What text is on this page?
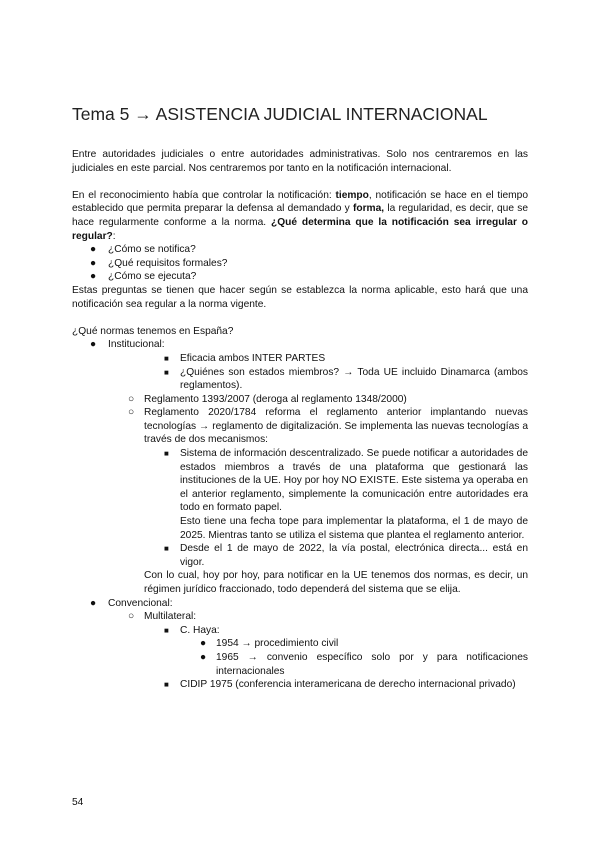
Tema 5 → ASISTENCIA JUDICIAL INTERNACIONAL

Entre autoridades judiciales o entre autoridades administrativas. Solo nos centraremos en las judiciales en este parcial. Nos centraremos por tanto en la notificación internacional.

En el reconocimiento había que controlar la notificación: tiempo, notificación se hace en el tiempo establecido que permita preparar la defensa al demandado y forma, la regularidad, es decir, que se hace regularmente conforme a la norma. ¿Qué determina que la notificación sea irregular o regular?:

● ¿Cómo se notifica?
● ¿Qué requisitos formales?
● ¿Cómo se ejecuta?

Estas preguntas se tienen que hacer según se establezca la norma aplicable, esto hará que una notificación sea regular a la norma vigente.

¿Qué normas tenemos en España?

● Institucional:
■ Eficacia ambos INTER PARTES
■ ¿Quiénes son estados miembros? → Toda UE incluido Dinamarca (ambos reglamentos).
○ Reglamento 1393/2007 (deroga al reglamento 1348/2000)
○ Reglamento 2020/1784 reforma el reglamento anterior implantando nuevas tecnologías → reglamento de digitalización. Se implementa las nuevas tecnologías a través de dos mecanismos:
■ Sistema de información descentralizado. Se puede notificar a autoridades de estados miembros a través de una plataforma que gestionará las instituciones de la UE. Hoy por hoy NO EXISTE. Este sistema ya operaba en el anterior reglamento, simplemente la comunicación entre autoridades era todo en formato papel.
Esto tiene una fecha tope para implementar la plataforma, el 1 de mayo de 2025. Mientras tanto se utiliza el sistema que plantea el reglamento anterior.
■ Desde el 1 de mayo de 2022, la vía postal, electrónica directa... está en vigor.
Con lo cual, hoy por hoy, para notificar en la UE tenemos dos normas, es decir, un régimen jurídico fraccionado, todo dependerá del sistema que se elija.
● Convencional:
○ Multilateral:
■ C. Haya:
● 1954 → procedimiento civil
● 1965 → convenio específico solo por y para notificaciones internacionales
■ CIDIP 1975 (conferencia interamericana de derecho internacional privado)
54
